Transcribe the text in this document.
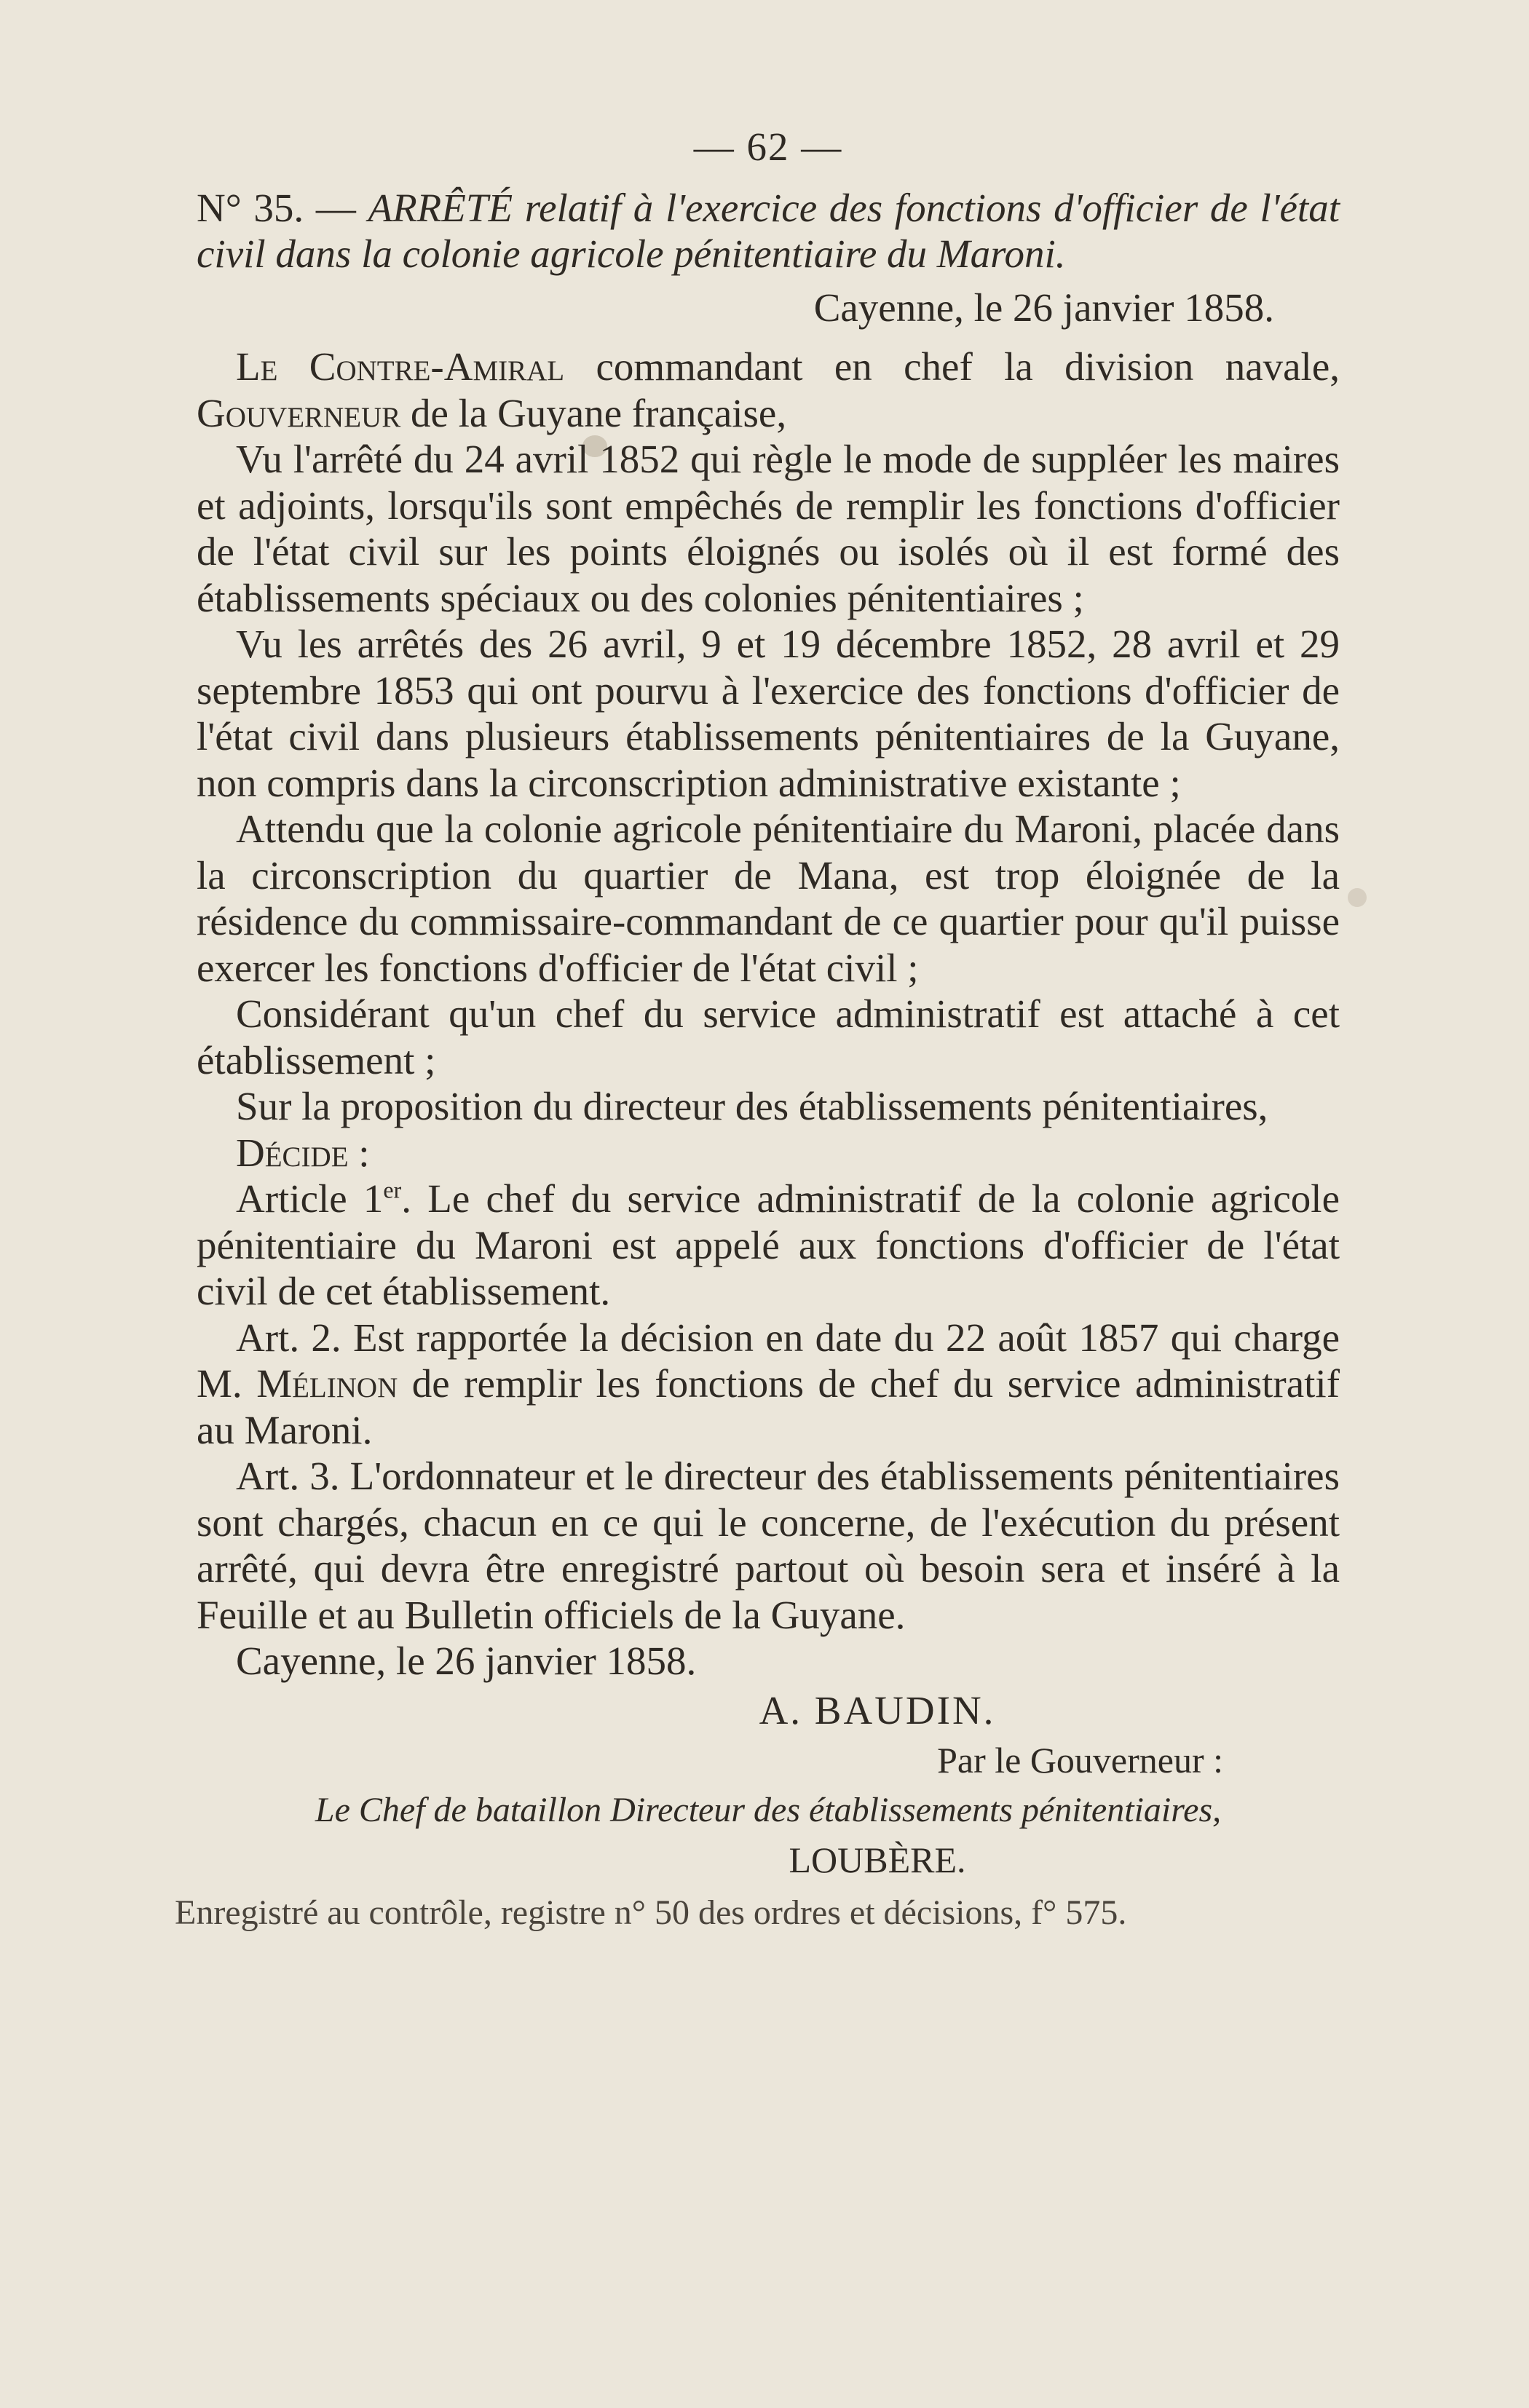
— 62 —
N° 35. — ARRÊTÉ relatif à l'exercice des fonctions d'officier de l'état civil dans la colonie agricole pénitentiaire du Maroni.
Cayenne, le 26 janvier 1858.

Le Contre-Amiral commandant en chef la division navale, Gouverneur de la Guyane française,

Vu l'arrêté du 24 avril 1852 qui règle le mode de suppléer les maires et adjoints, lorsqu'ils sont empêchés de remplir les fonctions d'officier de l'état civil sur les points éloignés ou isolés où il est formé des établissements spéciaux ou des colonies pénitentiaires ;

Vu les arrêtés des 26 avril, 9 et 19 décembre 1852, 28 avril et 29 septembre 1853 qui ont pourvu à l'exercice des fonctions d'officier de l'état civil dans plusieurs établissements pénitentiaires de la Guyane, non compris dans la circonscription administrative existante ;

Attendu que la colonie agricole pénitentiaire du Maroni, placée dans la circonscription du quartier de Mana, est trop éloignée de la résidence du commissaire-commandant de ce quartier pour qu'il puisse exercer les fonctions d'officier de l'état civil ;

Considérant qu'un chef du service administratif est attaché à cet établissement ;

Sur la proposition du directeur des établissements pénitentiaires,

Décide :

Article 1er. Le chef du service administratif de la colonie agricole pénitentiaire du Maroni est appelé aux fonctions d'officier de l'état civil de cet établissement.

Art. 2. Est rapportée la décision en date du 22 août 1857 qui charge M. Mélinon de remplir les fonctions de chef du service administratif au Maroni.

Art. 3. L'ordonnateur et le directeur des établissements pénitentiaires sont chargés, chacun en ce qui le concerne, de l'exécution du présent arrêté, qui devra être enregistré partout où besoin sera et inséré à la Feuille et au Bulletin officiels de la Guyane.

Cayenne, le 26 janvier 1858.

A. BAUDIN.
Par le Gouverneur :
Le Chef de bataillon Directeur des établissements pénitentiaires,
LOUBÈRE.
Enregistré au contrôle, registre n° 50 des ordres et décisions, f° 575.
